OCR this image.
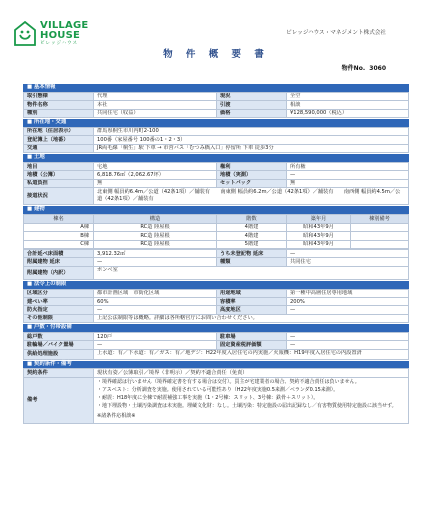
VILLAGE
HOUSE
ビレッジハウス
ビレッジハウス・マネジメント株式会社
物 件 概 要 書
物件No. 3060
■ 基本情報
取引態様	代理	現況	全空
物件名称	本社	引渡	相談
種別	共同住宅（収益）	価格	¥128,590,000（税込）
■ 所在地・交通
所在地（住居表示）	群馬県桐生市川内町2-100
登記簿上（地番）	100番（家屋番号 100番の1・2・3）
交通	JR両毛線「桐生」駅 下車 → 市営バス「むつみ橋入口」停留所 下車 徒歩3分
■ 土地
地目	宅地	権利	所有権
地積（公簿）	6,818.76㎡（2,062.67坪）	地積（実測）	—
私道負担	無	セットバック	無
接道状況	北東側 幅員約6.4m／公道（42条1項）／舗装有　　南東側 幅員約6.2m／公道（42条1項）／舗装有　　南西側 幅員約4.5m／公道（42条1項）／舗装有		
■ 建物
棟名	構造	階数	築年月	棟別備考
A棟	RC造 陸屋根	4階建	昭和43年9月	
B棟	RC造 陸屋根	4階建	昭和43年9月	
C棟	RC造 陸屋根	5階建	昭和43年9月	
合計延べ床面積	3,912.32㎡	うち未登記物 延床	—
附属建物 延床	—	種類	共同住宅
附属建物（内訳）	ポンベ室		
■ 法令上の制限
区域区分	都市計画区域　市街化区域	用途地域	第一種中高層住居専用地域
建ぺい率	60%	容積率	200%
防火指定	—	高度地区	—
その他制限	上記公法制限等は概略。詳細は各所轄官庁にお問い合わせください。		
■ 戸数・付帯設備
総戸数	120戸	駐車場	—
駐輪場／バイク置場	—	固定資産税評価額	—
供給処理施設	上水道：有／下水道：有／ガス：有／地デジ：H22年度入居住宅の内実施／火報機：H19年度入居住宅の内設置済		
■ 契約条件・備考
契約条件	現状有姿／公簿取引／境界（非明示）／契約不適合責任（免責）
備考	・境界確認は行いません（境界確定書を有する場合は交付）。買主が宅建業者の場合、契約不適合責任は負いません。
・アスベスト：分析調査を実施。使用されている可能性あり（H22年度実施0.5来測／ベランダ0.15来測）。
・耐震：H18年度に全棟で耐震補強工事を実施（1・2号棟：スリット、3号棟：鉄骨＋スリット）。
・地下埋設物・土壌汚染調査は未実施。埋蔵文化財：なし。土壌汚染：特定施設の届出記録なし／有害物質使用特定施設に該当せず。
※諸条件応相談※
